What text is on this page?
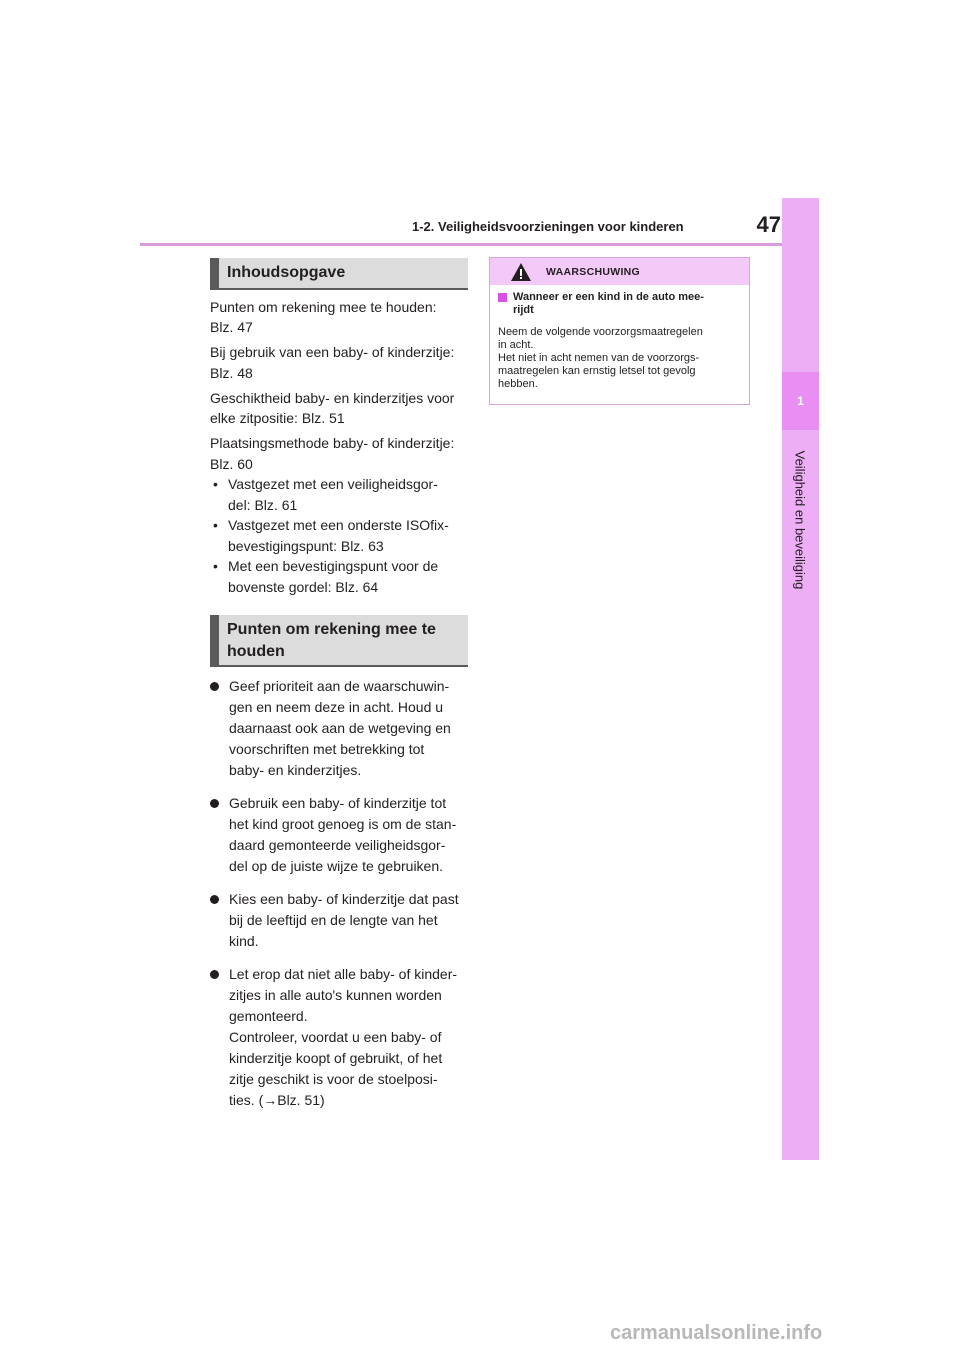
1-2. Veiligheidsvoorzieningen voor kinderen	47
1
Veiligheid en beveiliging
Inhoudsopgave
Punten om rekening mee te houden:
Blz. 47
Bij gebruik van een baby- of kinderzitje:
Blz. 48
Geschiktheid baby- en kinderzitjes voor
elke zitpositie: Blz. 51
Plaatsingsmethode baby- of kinderzitje:
Blz. 60
• Vastgezet met een veiligheidsgor-
del: Blz. 61
• Vastgezet met een onderste ISOfix-
bevestigingspunt: Blz. 63
• Met een bevestigingspunt voor de
bovenste gordel: Blz. 64
Punten om rekening mee te
houden

Geef prioriteit aan de waarschuwin-
gen en neem deze in acht. Houd u
daarnaast ook aan de wetgeving en
voorschriften met betrekking tot
baby- en kinderzitjes.

Gebruik een baby- of kinderzitje tot
het kind groot genoeg is om de stan-
daard gemonteerde veiligheidsgor-
del op de juiste wijze te gebruiken.

Kies een baby- of kinderzitje dat past
bij de leeftijd en de lengte van het
kind.

Let erop dat niet alle baby- of kinder-
zitjes in alle auto's kunnen worden
gemonteerd.
Controleer, voordat u een baby- of
kinderzitje koopt of gebruikt, of het
zitje geschikt is voor de stoelposi-
ties. (→Blz. 51)

WAARSCHUWING
Wanneer er een kind in de auto mee-
rijdt

Neem de volgende voorzorgsmaatregelen
in acht.
Het niet in acht nemen van de voorzorgs-
maatregelen kan ernstig letsel tot gevolg
hebben.

carmanualsonline.info
